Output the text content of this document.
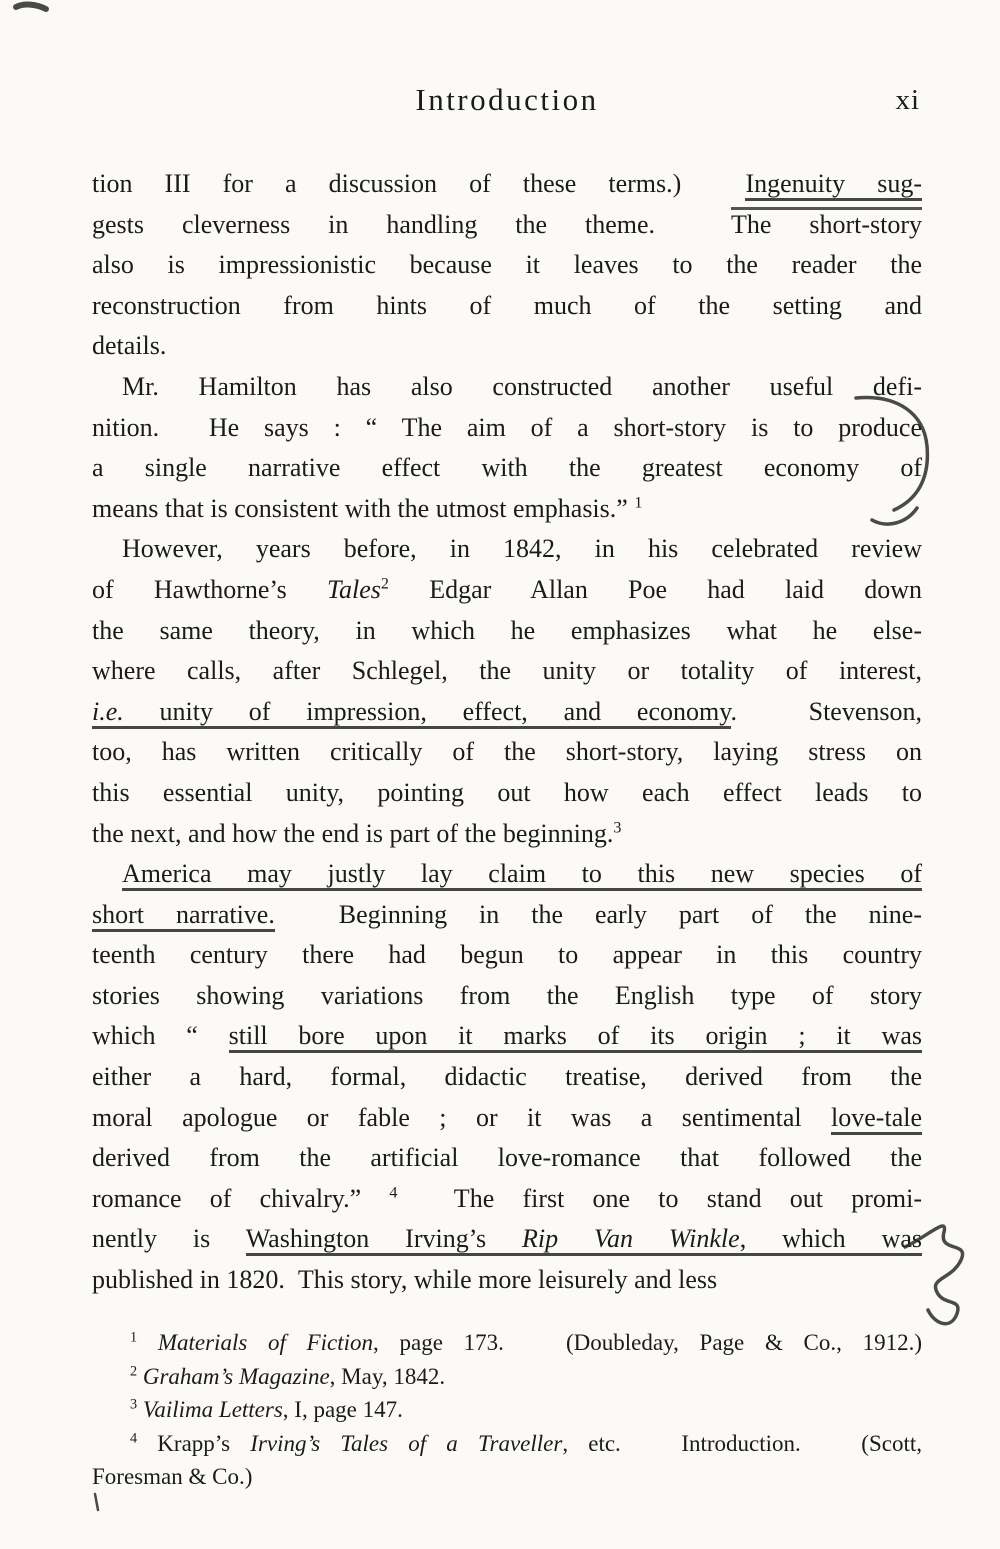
Introduction	xi
tion III for a discussion of these terms.)  Ingenuity sug-
gests cleverness in handling the theme.  The short-story
also is impressionistic because it leaves to the reader the
reconstruction from hints of much of the setting and
details.
Mr. Hamilton has also constructed another useful defi-
nition.  He says : “ The aim of a short-story is to produce
a single narrative effect with the greatest economy of
means that is consistent with the utmost emphasis.” $^1$
However, years before, in 1842, in his celebrated review
of Hawthorne’s Tales$^2$ Edgar Allan Poe had laid down
the same theory, in which he emphasizes what he else-
where calls, after Schlegel, the unity or totality of interest,
i.e. unity of impression, effect, and economy.  Stevenson,
too, has written critically of the short-story, laying stress on
this essential unity, pointing out how each effect leads to
the next, and how the end is part of the beginning.$^3$
America may justly lay claim to this new species of
short narrative.  Beginning in the early part of the nine-
teenth century there had begun to appear in this country
stories showing variations from the English type of story
which “ still bore upon it marks of its origin ; it was
either a hard, formal, didactic treatise, derived from the
moral apologue or fable ; or it was a sentimental love-tale
derived from the artificial love-romance that followed the
romance of chivalry.” $^4$  The first one to stand out promi-
nently is Washington Irving’s Rip Van Winkle, which was
published in 1820.  This story, while more leisurely and less
$^1$ Materials of Fiction, page 173.   (Doubleday, Page & Co., 1912.)
$^2$ Graham’s Magazine, May, 1842.
$^3$ Vailima Letters, I, page 147.
$^4$ Krapp’s Irving’s Tales of a Traveller, etc.   Introduction.   (Scott,
Foresman & Co.)
